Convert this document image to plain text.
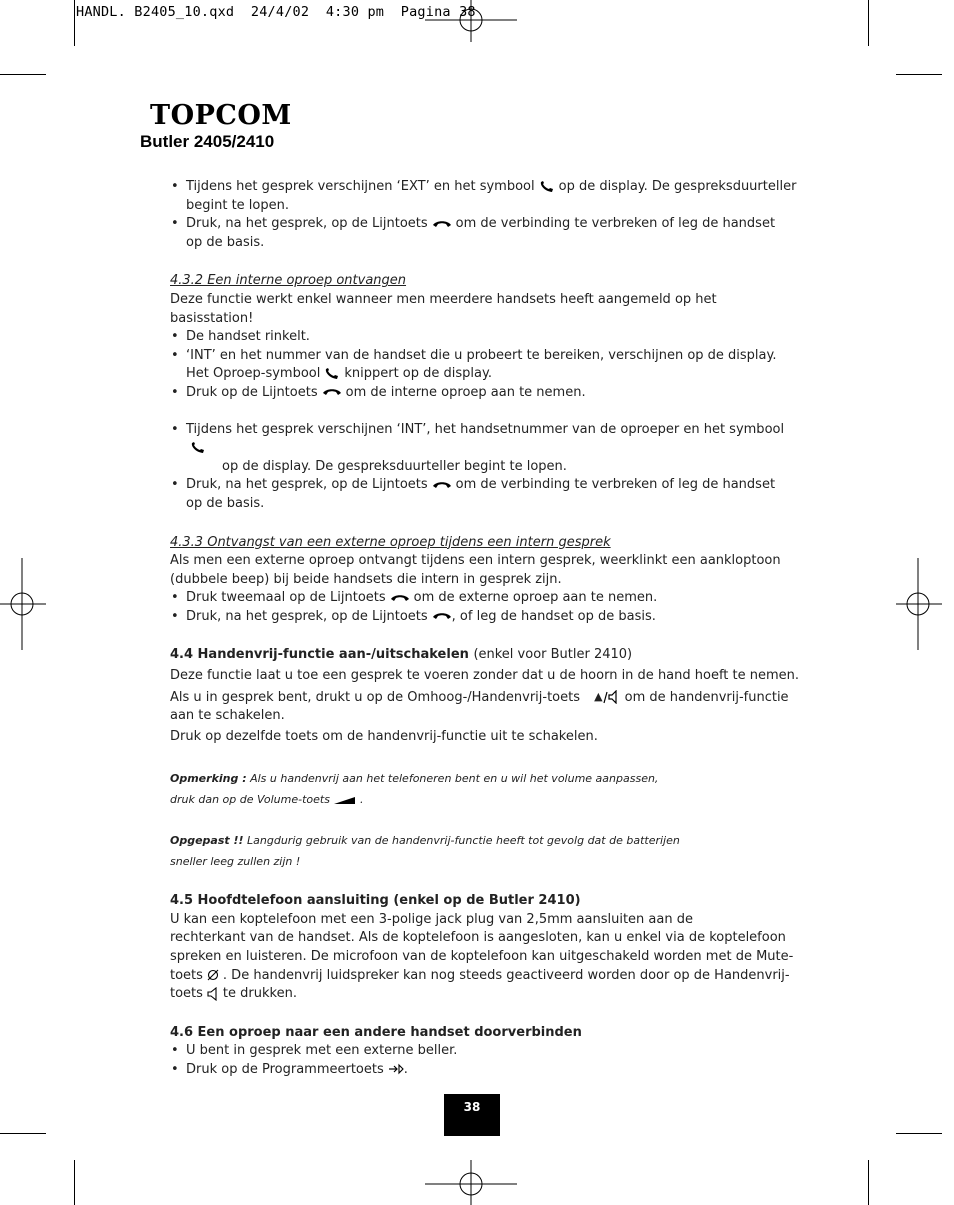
HANDL. B2405_10.qxd  24/4/02  4:30 pm  Pagina 38
TOPCOM
Butler 2405/2410
• Tijdens het gesprek verschijnen ‘EXT’ en het symbool op de display. De gespreksduurteller
begint te lopen.
• Druk, na het gesprek, op de Lijntoets om de verbinding te verbreken of leg de handset
op de basis.
4.3.2 Een interne oproep ontvangen
Deze functie werkt enkel wanneer men meerdere handsets heeft aangemeld op het basisstation!
• De handset rinkelt.
• ‘INT’ en het nummer van de handset die u probeert te bereiken, verschijnen op de display.
Het Oproep-symbool knippert op de display.
• Druk op de Lijntoets om de interne oproep aan te nemen.
• Tijdens het gesprek verschijnen ‘INT’, het handsetnummer van de oproeper en het symbool
op de display. De gespreksduurteller begint te lopen.
• Druk, na het gesprek, op de Lijntoets om de verbinding te verbreken of leg de handset
op de basis.
4.3.3 Ontvangst van een externe oproep tijdens een intern gesprek
Als men een externe oproep ontvangt tijdens een intern gesprek, weerklinkt een aankloptoon
(dubbele beep) bij beide handsets die intern in gesprek zijn.
• Druk tweemaal op de Lijntoets om de externe oproep aan te nemen.
• Druk, na het gesprek, op de Lijntoets , of leg de handset op de basis.
4.4 Handenvrij-functie aan-/uitschakelen (enkel voor Butler 2410)
Deze functie laat u toe een gesprek te voeren zonder dat u de hoorn in de hand hoeft te nemen.
Als u in gesprek bent, drukt u op de Omhoog-/Handenvrij-toets ▲ om de handenvrij-functie
aan te schakelen.
Druk op dezelfde toets om de handenvrij-functie uit te schakelen.
Opmerking : Als u handenvrij aan het telefoneren bent en u wil het volume aanpassen,
druk dan op de Volume-toets	.
Opgepast !! Langdurig gebruik van de handenvrij-functie heeft tot gevolg dat de batterijen
sneller leeg zullen zijn !
4.5 Hoofdtelefoon aansluiting (enkel op de Butler 2410)
U kan een koptelefoon met een 3-polige jack plug van 2,5mm aansluiten aan de
rechterkant van de handset. Als de koptelefoon is aangesloten, kan u enkel via de koptelefoon
spreken en luisteren. De microfoon van de koptelefoon kan uitgeschakeld worden met de Mute-
toets . De handenvrij luidspreker kan nog steeds geactiveerd worden door op de Handenvrij-
toets te drukken.
4.6 Een oproep naar een andere handset doorverbinden
• U bent in gesprek met een externe beller.
• Druk op de Programmeertoets .
38
